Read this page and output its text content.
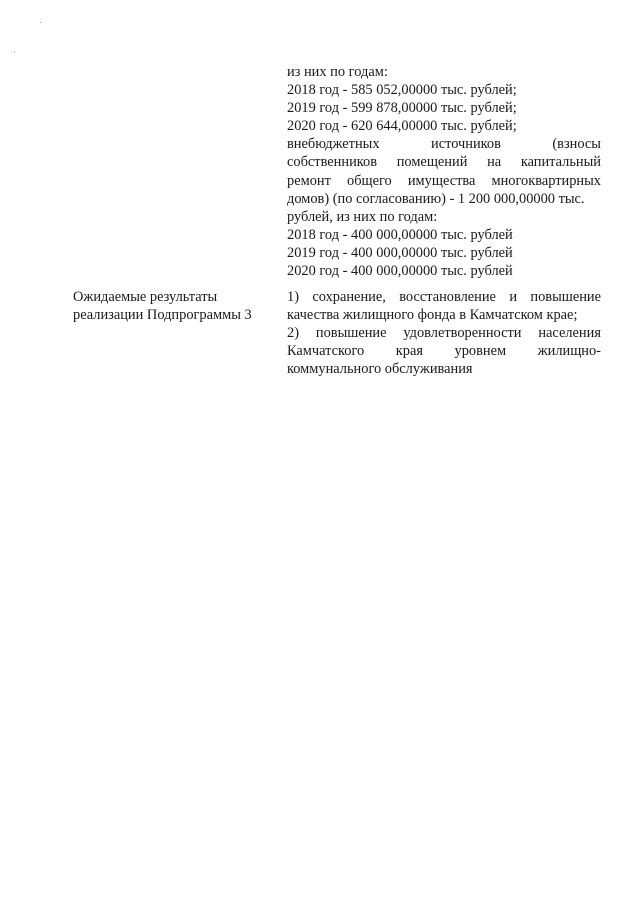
из них по годам:
2018 год - 585 052,00000 тыс. рублей;
2019 год - 599 878,00000 тыс. рублей;
2020 год - 620 644,00000 тыс. рублей;
внебюджетных	источников	(взносы
собственников помещений на капитальный
ремонт общего имущества многоквартирных
домов) (по согласованию) - 1 200 000,00000 тыс.
рублей, из них по годам:
2018 год - 400 000,00000 тыс. рублей
2019 год - 400 000,00000 тыс. рублей
2020 год - 400 000,00000 тыс. рублей
Ожидаемые результаты
реализации Подпрограммы 3
1) сохранение, восстановление и повышение
качества жилищного фонда в Камчатском крае;
2) повышение удовлетворенности населения
Камчатского края уровнем жилищно-
коммунального обслуживания
